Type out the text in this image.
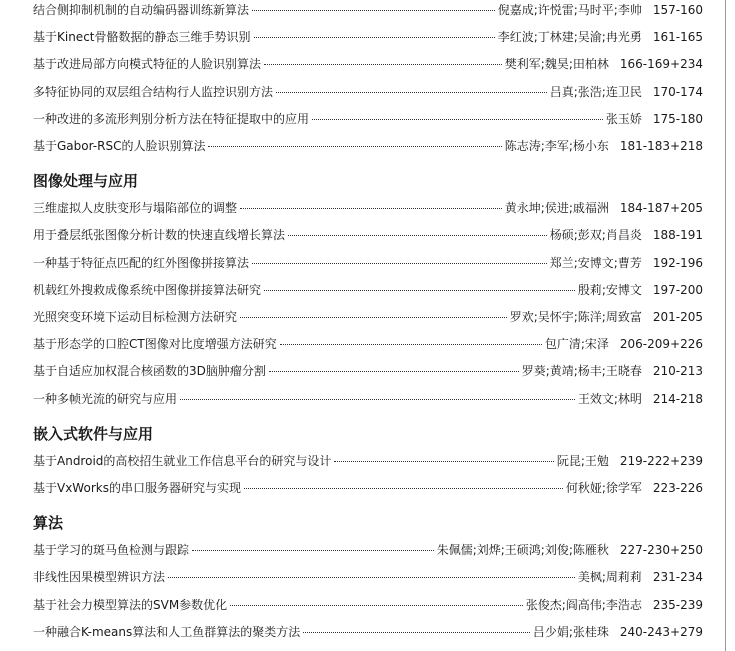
结合侧抑制机制的自动编码器训练新算法	倪嘉成;许悦雷;马时平;李帅 157-160
基于Kinect骨骼数据的静态三维手势识别	李红波;丁林建;吴渝;冉光勇 161-165
基于改进局部方向模式特征的人脸识别算法	樊利军;魏昊;田柏林 166-169+234
多特征协同的双层组合结构行人监控识别方法	吕真;张浩;连卫民 170-174
一种改进的多流形判别分析方法在特征提取中的应用	张玉娇 175-180
基于Gabor-RSC的人脸识别算法	陈志涛;李军;杨小东 181-183+218
图像处理与应用
三维虚拟人皮肤变形与塌陷部位的调整	黄永坤;侯进;戚福洲 184-187+205
用于叠层纸张图像分析计数的快速直线增长算法	杨硕;彭双;肖昌炎 188-191
一种基于特征点匹配的红外图像拼接算法	郑兰;安博文;曹芳 192-196
机载红外搜救成像系统中图像拼接算法研究	殷莉;安博文 197-200
光照突变环境下运动目标检测方法研究	罗欢;吴怀宇;陈洋;周致富 201-205
基于形态学的口腔CT图像对比度增强方法研究	包广清;宋泽 206-209+226
基于自适应加权混合核函数的3D脑肿瘤分割	罗葵;黄靖;杨丰;王晓春 210-213
一种多帧光流的研究与应用	王效文;林明 214-218
嵌入式软件与应用
基于Android的高校招生就业工作信息平台的研究与设计	阮昆;王勉 219-222+239
基于VxWorks的串口服务器研究与实现	何秋娅;徐学军 223-226
算法
基于学习的斑马鱼检测与跟踪	朱佩儒;刘烨;王硕鸿;刘俊;陈雁秋 227-230+250
非线性因果模型辨识方法	美枫;周莉莉 231-234
基于社会力模型算法的SVM参数优化	张俊杰;阎高伟;李浩志 235-239
一种融合K-means算法和人工鱼群算法的聚类方法	吕少娟;张桂珠 240-243+279
